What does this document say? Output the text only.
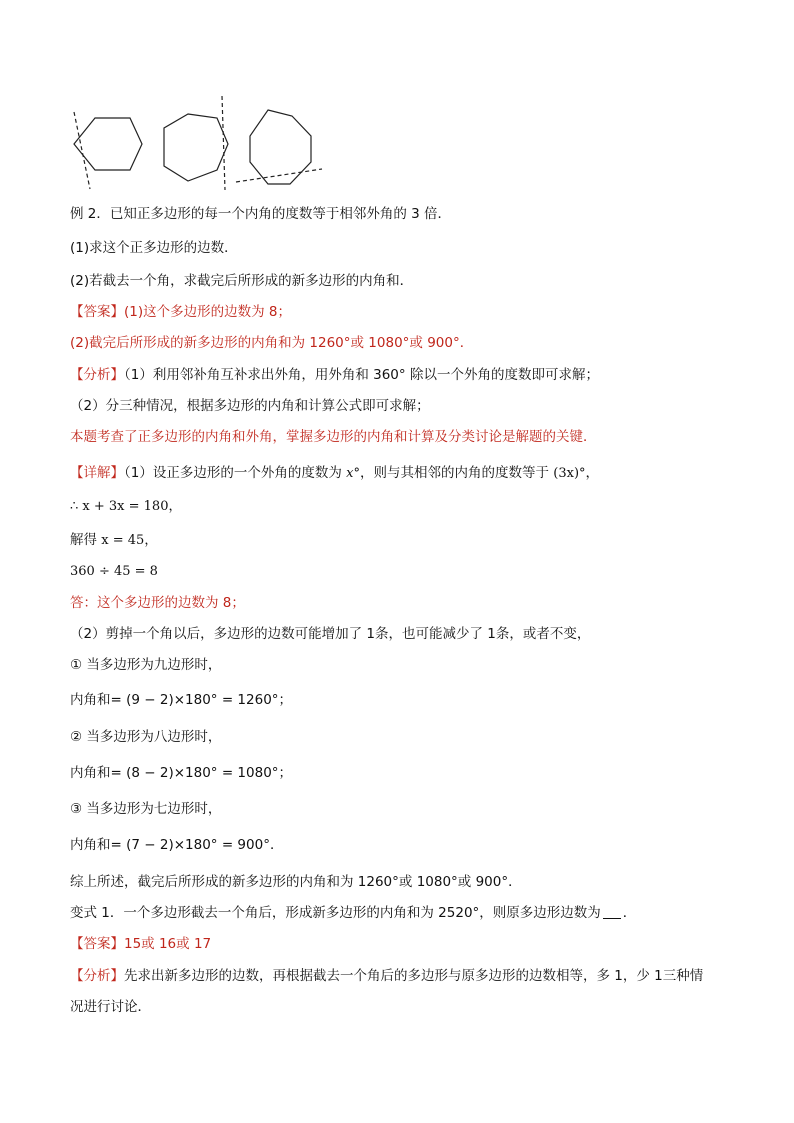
例 2．已知正多边形的每一个内角的度数等于相邻外角的 3 倍．
(1)求这个正多边形的边数．
(2)若截去一个角，求截完后所形成的新多边形的内角和．
【答案】(1)这个多边形的边数为 8；
(2)截完后所形成的新多边形的内角和为 1260°或 1080°或 900°．
【分析】（1）利用邻补角互补求出外角，用外角和 360° 除以一个外角的度数即可求解；
（2）分三种情况，根据多边形的内角和计算公式即可求解；
本题考查了正多边形的内角和外角，掌握多边形的内角和计算及分类讨论是解题的关键．
【详解】（1）设正多边形的一个外角的度数为 x°，则与其相邻的内角的度数等于 (3x)°，
∴ x + 3x = 180，
解得 x = 45，
360 ÷ 45 = 8
答：这个多边形的边数为 8；
（2）剪掉一个角以后，多边形的边数可能增加了 1条，也可能减少了 1条，或者不变，
① 当多边形为九边形时，
内角和= (9 − 2)×180° = 1260°；
② 当多边形为八边形时，
内角和= (8 − 2)×180° = 1080°；
③ 当多边形为七边形时，
内角和= (7 − 2)×180° = 900°．
综上所述，截完后所形成的新多边形的内角和为 1260°或 1080°或 900°．
变式 1．一个多边形截去一个角后，形成新多边形的内角和为 2520°，则原多边形边数为 ．
【答案】15或 16或 17
【分析】先求出新多边形的边数，再根据截去一个角后的多边形与原多边形的边数相等，多 1，少 1三种情
况进行讨论．
